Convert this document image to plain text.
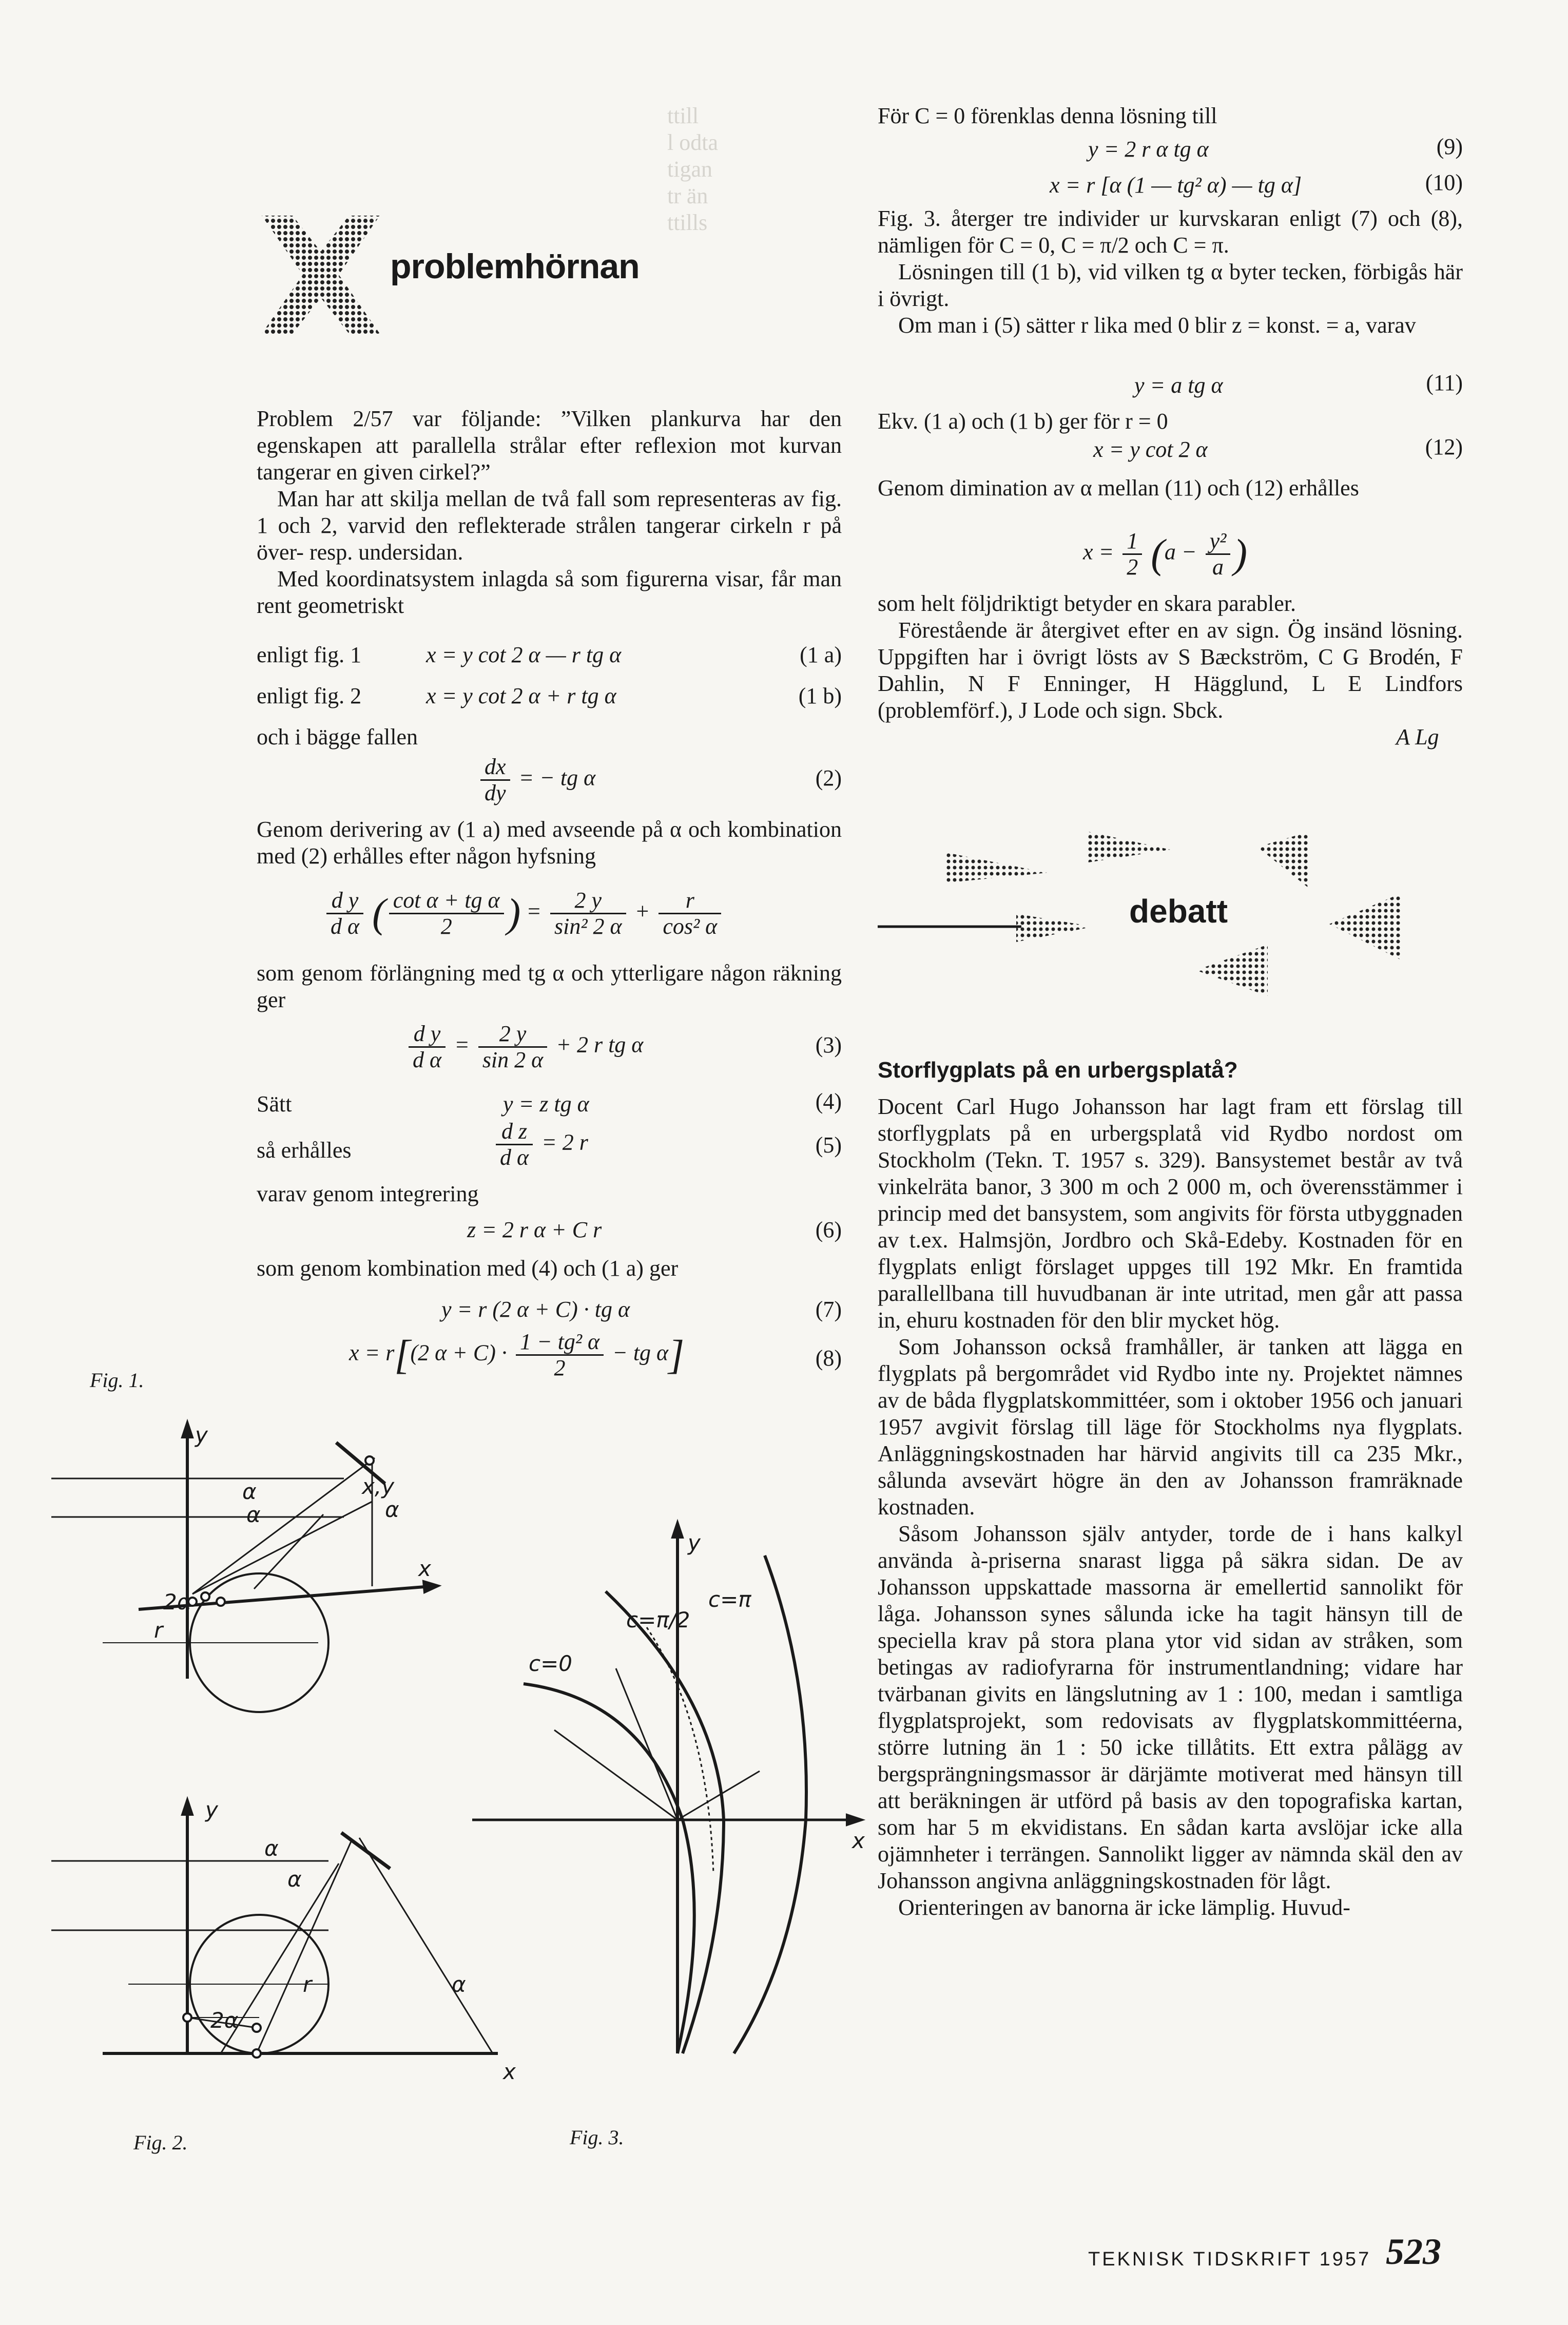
ttill
l odta
tigan
tr än
ttills
problemhörnan

Problem 2/57 var följande: ”Vilken plankurva har den egenskapen att parallella strålar efter reflexion mot kurvan tangerar en given cirkel?”

Man har att skilja mellan de två fall som representeras av fig. 1 och 2, varvid den reflekterade strålen tangerar cirkeln r på över- resp. undersidan.

Med koordinatsystem inlagda så som figurerna visar, får man rent geometriskt

enligt fig. 1	x = y cot 2 α — r tg α	(1 a)
enligt fig. 2	x = y cot 2 α + r tg α	(1 b)
och i bägge fallen
$\frac{dx}{dy}$ = − tg α	(2)

Genom derivering av (1 a) med avseende på α och kombination med (2) erhålles efter någon hyfsning

$\frac{\text{d y}}{\text{d α}}$ ( $\frac{\text{cot α + tg α}}{2}$ ) = $\frac{2 y}{\text{sin² 2 α}} + \frac{r}{\text{cos² α}}$

som genom förlängning med tg α och ytterligare någon räkning ger

$\frac{\text{d y}}{\text{d α}} = \frac{2 y}{\sin 2 \alpha} + 2$ r tg α	(3)
Sätt	y = z tg α	(4)
så erhålles	$\frac{\text{d z}}{\text{d α}} = 2$ r	(5)
varav genom integrering
z = 2 r α + C r	(6)
som genom kombination med (4) och (1 a) ger
y = r (2 α + C) · tg α	(7)
x = r[(2 $\alpha + C) \cdot \frac{\text{1 − tg² α}}{2}$ − tg α]	(8)
Fig. 1.
Fig. 2.	Fig. 3.
y
x
x,y
α
α	α
2α
r
y
x
α
α
α
r
2α
y
x
c=0
c=π/2
c=π

För C = 0 förenklas denna lösning till

y = 2 r α tg α	(9)
x = r [α (1 — tg² α) — tg α]	(10)

Fig. 3. återger tre individer ur kurvskaran enligt (7) och (8), nämligen för C = 0, C = π/2 och C = π.

Lösningen till (1 b), vid vilken tg α byter tecken, förbigås här i övrigt.

Om man i (5) sätter r lika med 0 blir z = konst. = a, varav

y = a tg α	(11)
Ekv. (1 a) och (1 b) ger för r = 0
x = y cot 2 α	(12)

Genom dimination av α mellan (11) och (12) erhålles

$x = \frac{1}{2} (a - \frac{\text{y²}}{a}$ )

som helt följdriktigt betyder en skara parabler.

Förestående är återgivet efter en av sign. Ög insänd lösning. Uppgiften har i övrigt lösts av S Bæckström, C G Brodén, F Dahlin, N F Enninger, H Hägglund, L E Lindfors (problemförf.), J Lode och sign. Sbck.

A Lg
debatt
Storflygplats på en urbergsplatå?

Docent Carl Hugo Johansson har lagt fram ett förslag till storflygplats på en urbergsplatå vid Rydbo nordost om Stockholm (Tekn. T. 1957 s. 329). Bansystemet består av två vinkelräta banor, 3 300 m och 2 000 m, och överensstämmer i princip med det bansystem, som angivits för första utbyggnaden av t.ex. Halmsjön, Jordbro och Skå-Edeby. Kostnaden för en flygplats enligt förslaget uppges till 192 Mkr. En framtida parallellbana till huvudbanan är inte utritad, men går att passa in, ehuru kostnaden för den blir mycket hög.

Som Johansson också framhåller, är tanken att lägga en flygplats på bergområdet vid Rydbo inte ny. Projektet nämnes av de båda flygplatskommittéer, som i oktober 1956 och januari 1957 avgivit förslag till läge för Stockholms nya flygplats. Anläggningskostnaden har härvid angivits till ca 235 Mkr., sålunda avsevärt högre än den av Johansson framräknade kostnaden.

Såsom Johansson själv antyder, torde de i hans kalkyl använda à-priserna snarast ligga på säkra sidan. De av Johansson uppskattade massorna är emellertid sannolikt för låga. Johansson synes sålunda icke ha tagit hänsyn till de speciella krav på stora plana ytor vid sidan av stråken, som betingas av radiofyrarna för instrumentlandning; vidare har tvärbanan givits en längslutning av 1 : 100, medan i samtliga flygplatsprojekt, som redovisats av flygplatskommittéerna, större lutning än 1 : 50 icke tillåtits. Ett extra pålägg av bergsprängningsmassor är därjämte motiverat med hänsyn till att beräkningen är utförd på basis av den topografiska kartan, som har 5 m ekvidistans. En sådan karta avslöjar icke alla ojämnheter i terrängen. Sannolikt ligger av nämnda skäl den av Johansson angivna anläggningskostnaden för lågt.

Orienteringen av banorna är icke lämplig. Huvud-

TEKNISK TIDSKRIFT 1957 523
